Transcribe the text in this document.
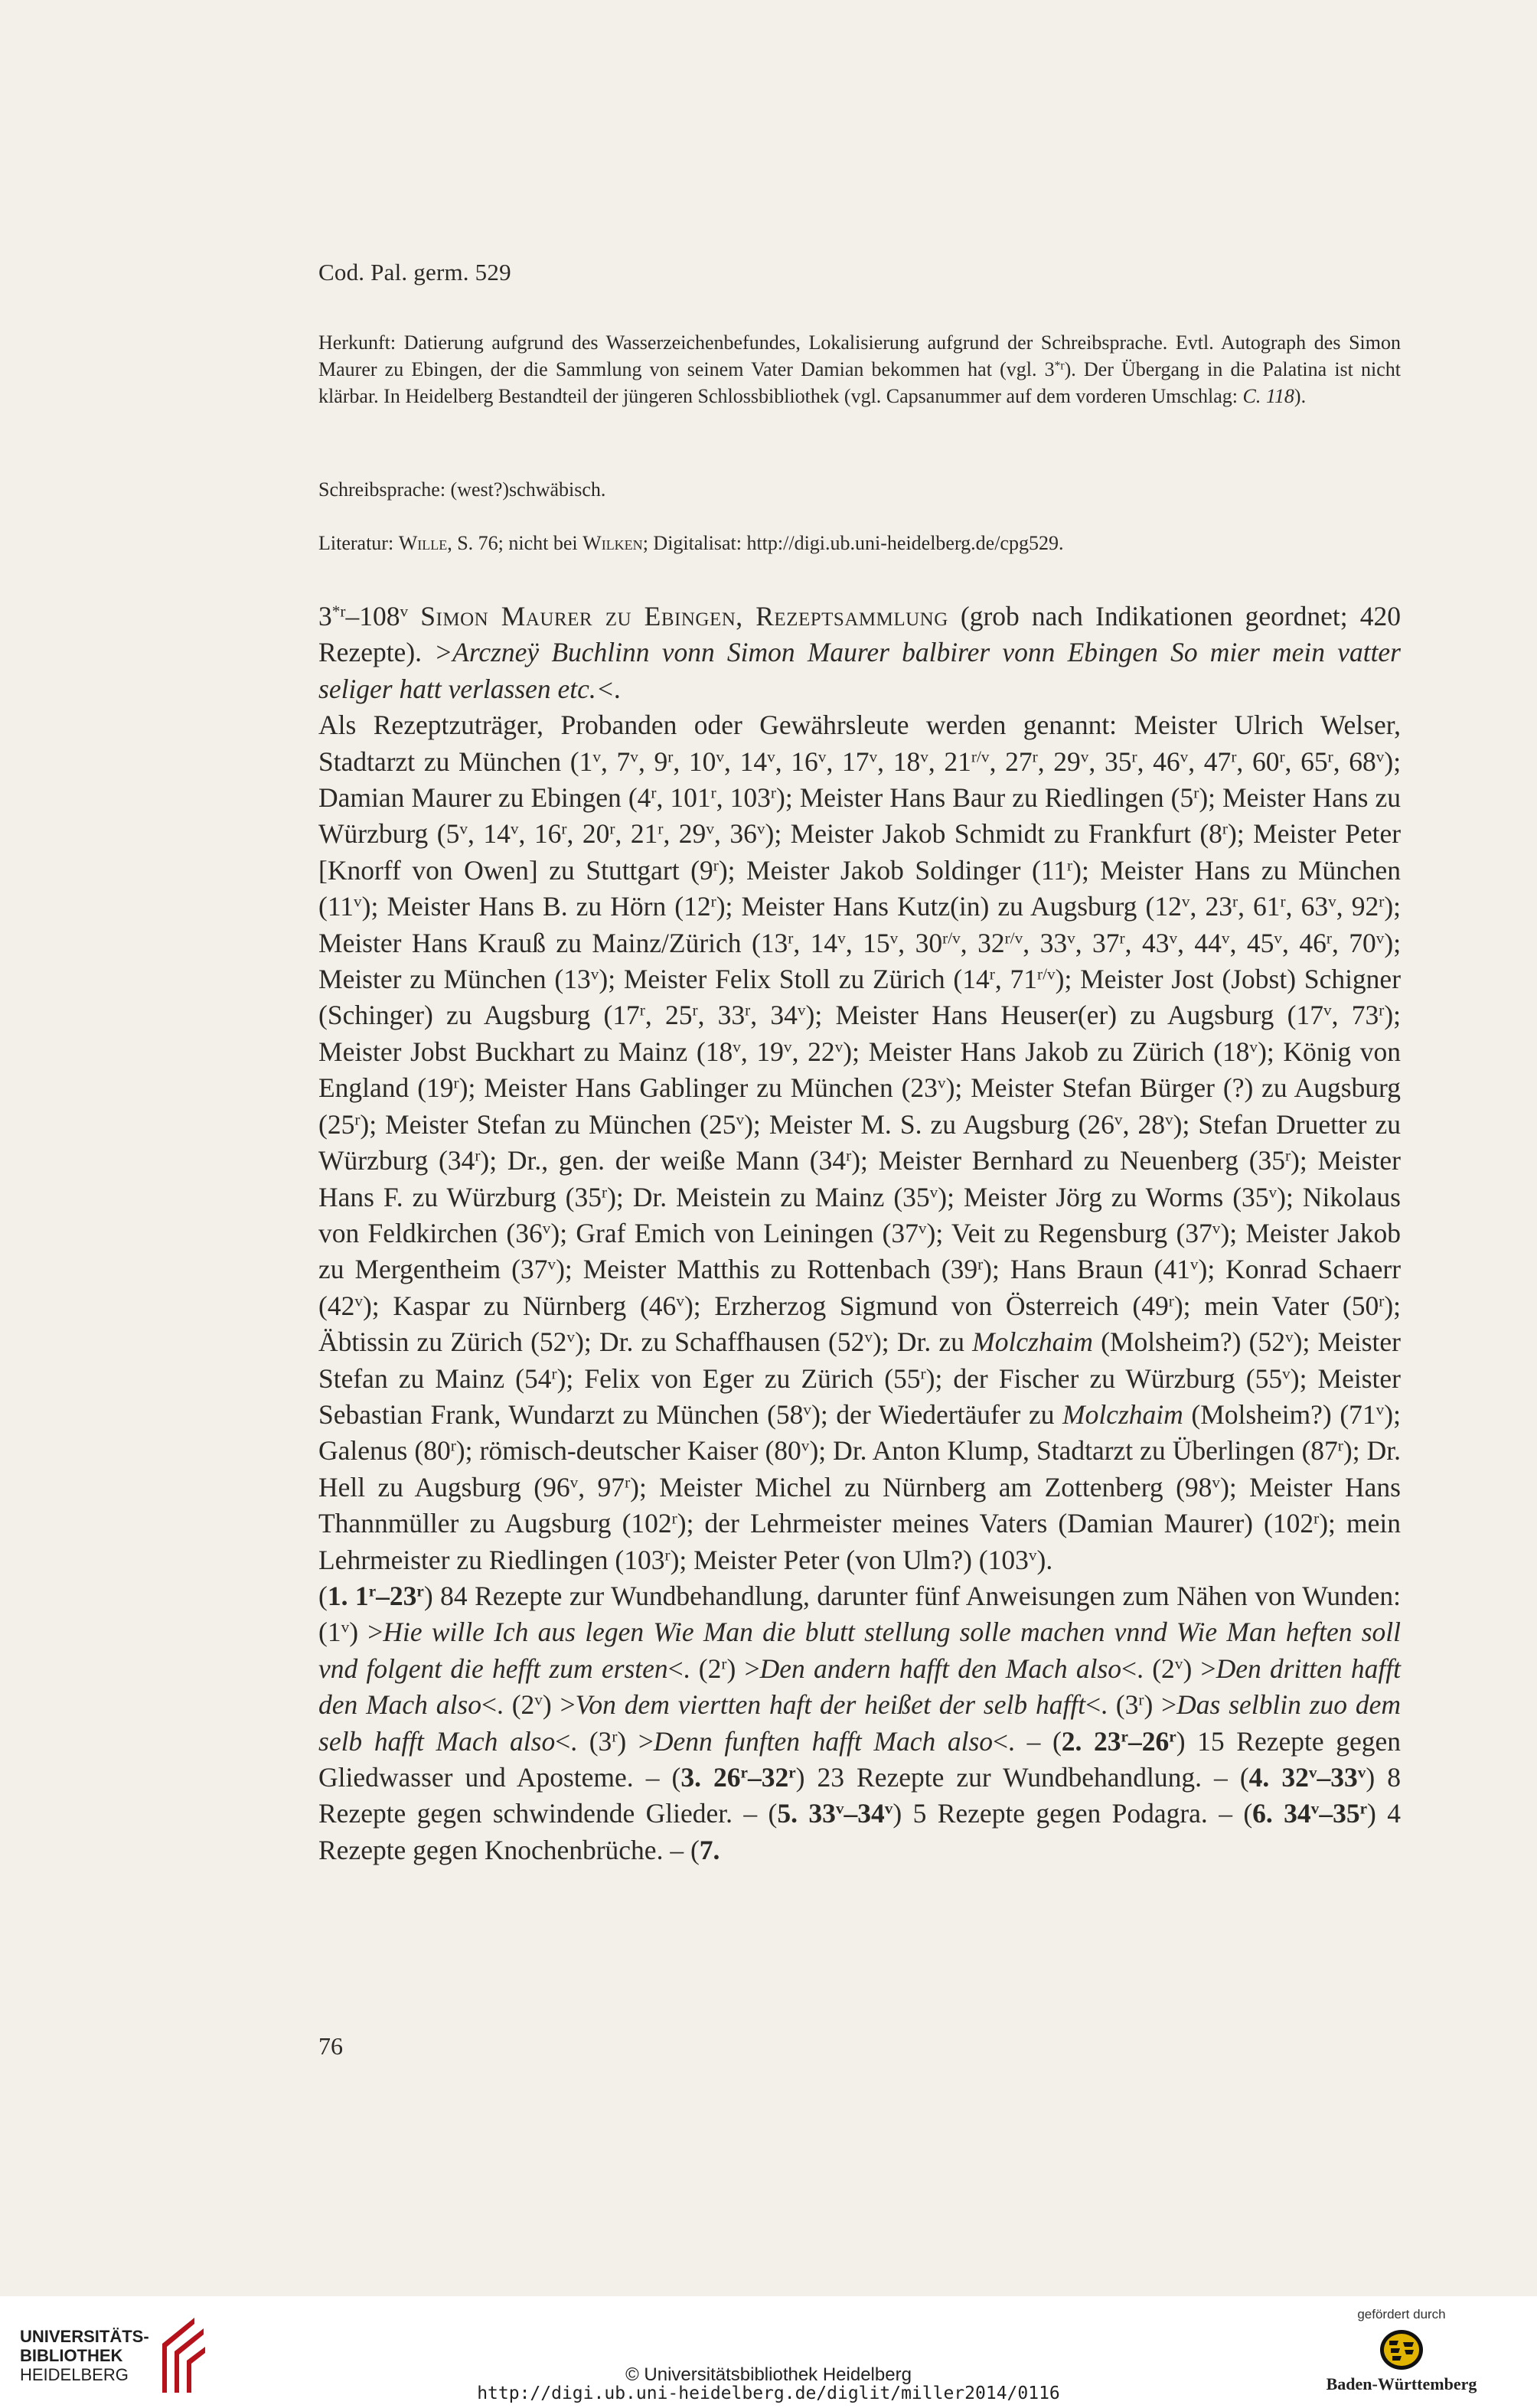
Cod. Pal. germ. 529

Herkunft: Datierung aufgrund des Wasserzeichenbefundes, Lokalisierung aufgrund der Schreibsprache. Evtl. Autograph des Simon Maurer zu Ebingen, der die Sammlung von seinem Vater Damian bekommen hat (vgl. 3$^{*r}$). Der Übergang in die Palatina ist nicht klärbar. In Heidelberg Bestandteil der jüngeren Schlossbibliothek (vgl. Capsanummer auf dem vorderen Umschlag: C. 118).

Schreibsprache: (west?)schwäbisch.

Literatur: Wille, S. 76; nicht bei Wilken; Digitalisat: http://digi.ub.uni-heidelberg.de/cpg529.

3$^{*r}$–108$^v$ Simon Maurer zu Ebingen, Rezeptsammlung (grob nach Indikationen geordnet; 420 Rezepte). >Arczneÿ Buchlinn vonn Simon Maurer balbirer vonn Ebingen So mier mein vatter seliger hatt verlassen etc.<.

Als Rezeptzuträger, Probanden oder Gewährsleute werden genannt: Meister Ulrich Welser, Stadtarzt zu München (1$^v$, 7$^v$, 9$^r$, 10$^v$, 14$^v$, 16$^v$, 17$^v$, 18$^v$, $21^{r/v}$, 27$^r$, 29$^v$, 35$^r$, 46$^v$, 47$^r$, 60$^r$, 65$^r$, 68$^v$); Damian Maurer zu Ebingen (4$^r$, 101$^r$, 103$^r$); Meister Hans Baur zu Riedlingen (5$^r$); Meister Hans zu Würzburg (5$^v$, 14$^v$, 16$^r$, 20$^r$, 21$^r$, 29$^v$, 36$^v$); Meister Jakob Schmidt zu Frankfurt (8$^r$); Meister Peter [Knorff von Owen] zu Stuttgart (9$^r$); Meister Jakob Soldinger (11$^r$); Meister Hans zu München (11$^v$); Meister Hans B. zu Hörn (12$^r$); Meister Hans Kutz(in) zu Augsburg (12$^v$, 23$^r$, 61$^r$, 63$^v$, 92$^r$); Meister Hans Krauß zu Mainz/Zürich (13$^r$, 14$^v$, 15$^v$, $30^{r/v}$, $32^{r/v}$, 33$^v$, 37$^r$, 43$^v$, 44$^v$, 45$^v$, 46$^r$, 70$^v$); Meister zu München (13$^v$); Meister Felix Stoll zu Zürich (14$^r$, $71^{r/v}$); Meister Jost (Jobst) Schigner (Schinger) zu Augsburg (17$^r$, 25$^r$, 33$^r$, 34$^v$); Meister Hans Heuser(er) zu Augsburg (17$^v$, 73$^r$); Meister Jobst Buckhart zu Mainz (18$^v$, 19$^v$, 22$^v$); Meister Hans Jakob zu Zürich (18$^v$); König von England (19$^r$); Meister Hans Gablinger zu München (23$^v$); Meister Stefan Bürger (?) zu Augsburg (25$^r$); Meister Stefan zu München (25$^v$); Meister M. S. zu Augsburg (26$^v$, 28$^v$); Stefan Druetter zu Würzburg (34$^r$); Dr., gen. der weiße Mann (34$^r$); Meister Bernhard zu Neuenberg (35$^r$); Meister Hans F. zu Würzburg (35$^r$); Dr. Meistein zu Mainz (35$^v$); Meister Jörg zu Worms (35$^v$); Nikolaus von Feldkirchen (36$^v$); Graf Emich von Leiningen (37$^v$); Veit zu Regensburg (37$^v$); Meister Jakob zu Mergentheim (37$^v$); Meister Matthis zu Rottenbach (39$^r$); Hans Braun (41$^v$); Konrad Schaerr (42$^v$); Kaspar zu Nürnberg (46$^v$); Erzherzog Sigmund von Österreich (49$^r$); mein Vater (50$^r$); Äbtissin zu Zürich (52$^v$); Dr. zu Schaffhausen (52$^v$); Dr. zu Molczhaim (Molsheim?) (52$^v$); Meister Stefan zu Mainz (54$^r$); Felix von Eger zu Zürich (55$^r$); der Fischer zu Würzburg (55$^v$); Meister Sebastian Frank, Wundarzt zu München (58$^v$); der Wiedertäufer zu Molczhaim (Molsheim?) (71$^v$); Galenus (80$^r$); römisch-deutscher Kaiser (80$^v$); Dr. Anton Klump, Stadtarzt zu Überlingen (87$^r$); Dr. Hell zu Augsburg (96$^v$, 97$^r$); Meister Michel zu Nürnberg am Zottenberg (98$^v$); Meister Hans Thannmüller zu Augsburg (102$^r$); der Lehrmeister meines Vaters (Damian Maurer) (102$^r$); mein Lehrmeister zu Riedlingen (103$^r$); Meister Peter (von Ulm?) (103$^v$).

(1. 1$^r$–23$^r$) 84 Rezepte zur Wundbehandlung, darunter fünf Anweisungen zum Nähen von Wunden: $(1^v) >Hie$ wille Ich aus legen Wie Man die blutt stellung solle machen vnnd Wie Man heften soll vnd folgent die hefft zum ersten<. $(2^r) >Den$ andern hafft den Mach also<. $(2^v) >Den$ dritten hafft den Mach also<. $(2^v) >Von$ dem viertten haft der heißet der selb hafft<. $(3^r) >Das$ selblin zuo dem selb hafft Mach also<. $(3^r)$ >Denn funften hafft Mach also<. – (2. 23$^r$–26$^r$) 15 Rezepte gegen Gliedwasser und Aposteme. – (3. 26$^r$–32$^r$) 23 Rezepte zur Wundbehandlung. – (4. 32$^v$–33$^v$) 8 Rezepte gegen schwindende Glieder. – (5. 33$^v$–34$^v$) 5 Rezepte gegen Podagra. – (6. 34$^v$–35$^r$) 4 Rezepte gegen Knochenbrüche. – (7.

76
UNIVERSITÄTS-
BIBLIOTHEK
HEIDELBERG	© Universitätsbibliothek Heidelberg
http://digi.ub.uni-heidelberg.de/diglit/miller2014/0116
gefördert durch
Baden-Württemberg
